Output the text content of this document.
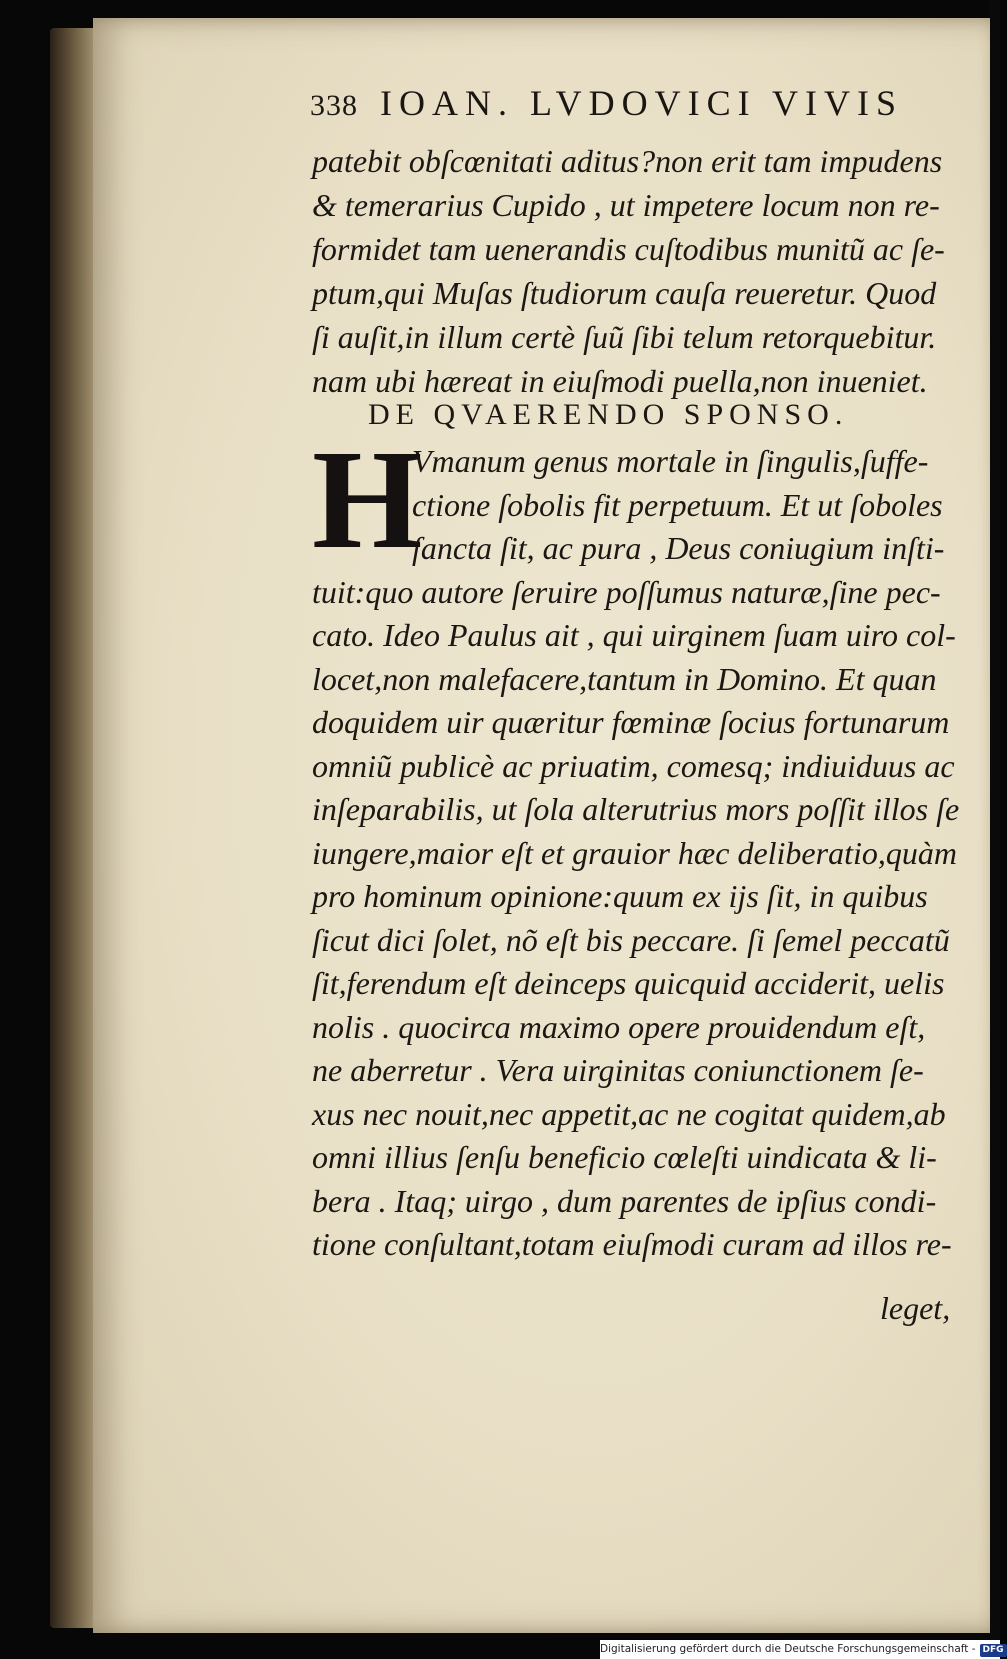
338 IOAN. LVDOVICI VIVIS
patebit obſcœnitati aditus?non erit tam impudens
& temerarius Cupido , ut impetere locum non re-
formidet tam uenerandis cuſtodibus munitũ ac ſe-
ptum,qui Muſas ſtudiorum cauſa reueretur. Quod
ſi auſit,in illum certè ſuũ ſibi telum retorquebitur.
nam ubi hæreat in eiuſmodi puella,non inueniet.
DE QVAERENDO SPONSO.
H
Vmanum genus mortale in ſingulis,ſuffe-
ctione ſobolis fit perpetuum. Et ut ſoboles
ſancta ſit, ac pura , Deus coniugium inſti-
tuit:quo autore ſeruire poſſumus naturæ,ſine pec-
cato. Ideo Paulus ait , qui uirginem ſuam uiro col-
locet,non malefacere,tantum in Domino. Et quan
doquidem uir quæritur fœminæ ſocius fortunarum
omniũ publicè ac priuatim, comesq; indiuiduus ac
inſeparabilis, ut ſola alterutrius mors poſſit illos ſe
iungere,maior eſt et grauior hæc deliberatio,quàm
pro hominum opinione:quum ex ijs ſit, in quibus
ſicut dici ſolet, nõ eſt bis peccare. ſi ſemel peccatũ
ſit,ferendum eſt deinceps quicquid acciderit, uelis
nolis . quocirca maximo opere prouidendum eſt,
ne aberretur . Vera uirginitas coniunctionem ſe-
xus nec nouit,nec appetit,ac ne cogitat quidem,ab
omni illius ſenſu beneficio cœleſti uindicata & li-
bera . Itaq; uirgo , dum parentes de ipſius condi-
tione conſultant,totam eiuſmodi curam ad illos re-
leget,
Digitalisierung gefördert durch die Deutsche Forschungsgemeinschaft - DFG
